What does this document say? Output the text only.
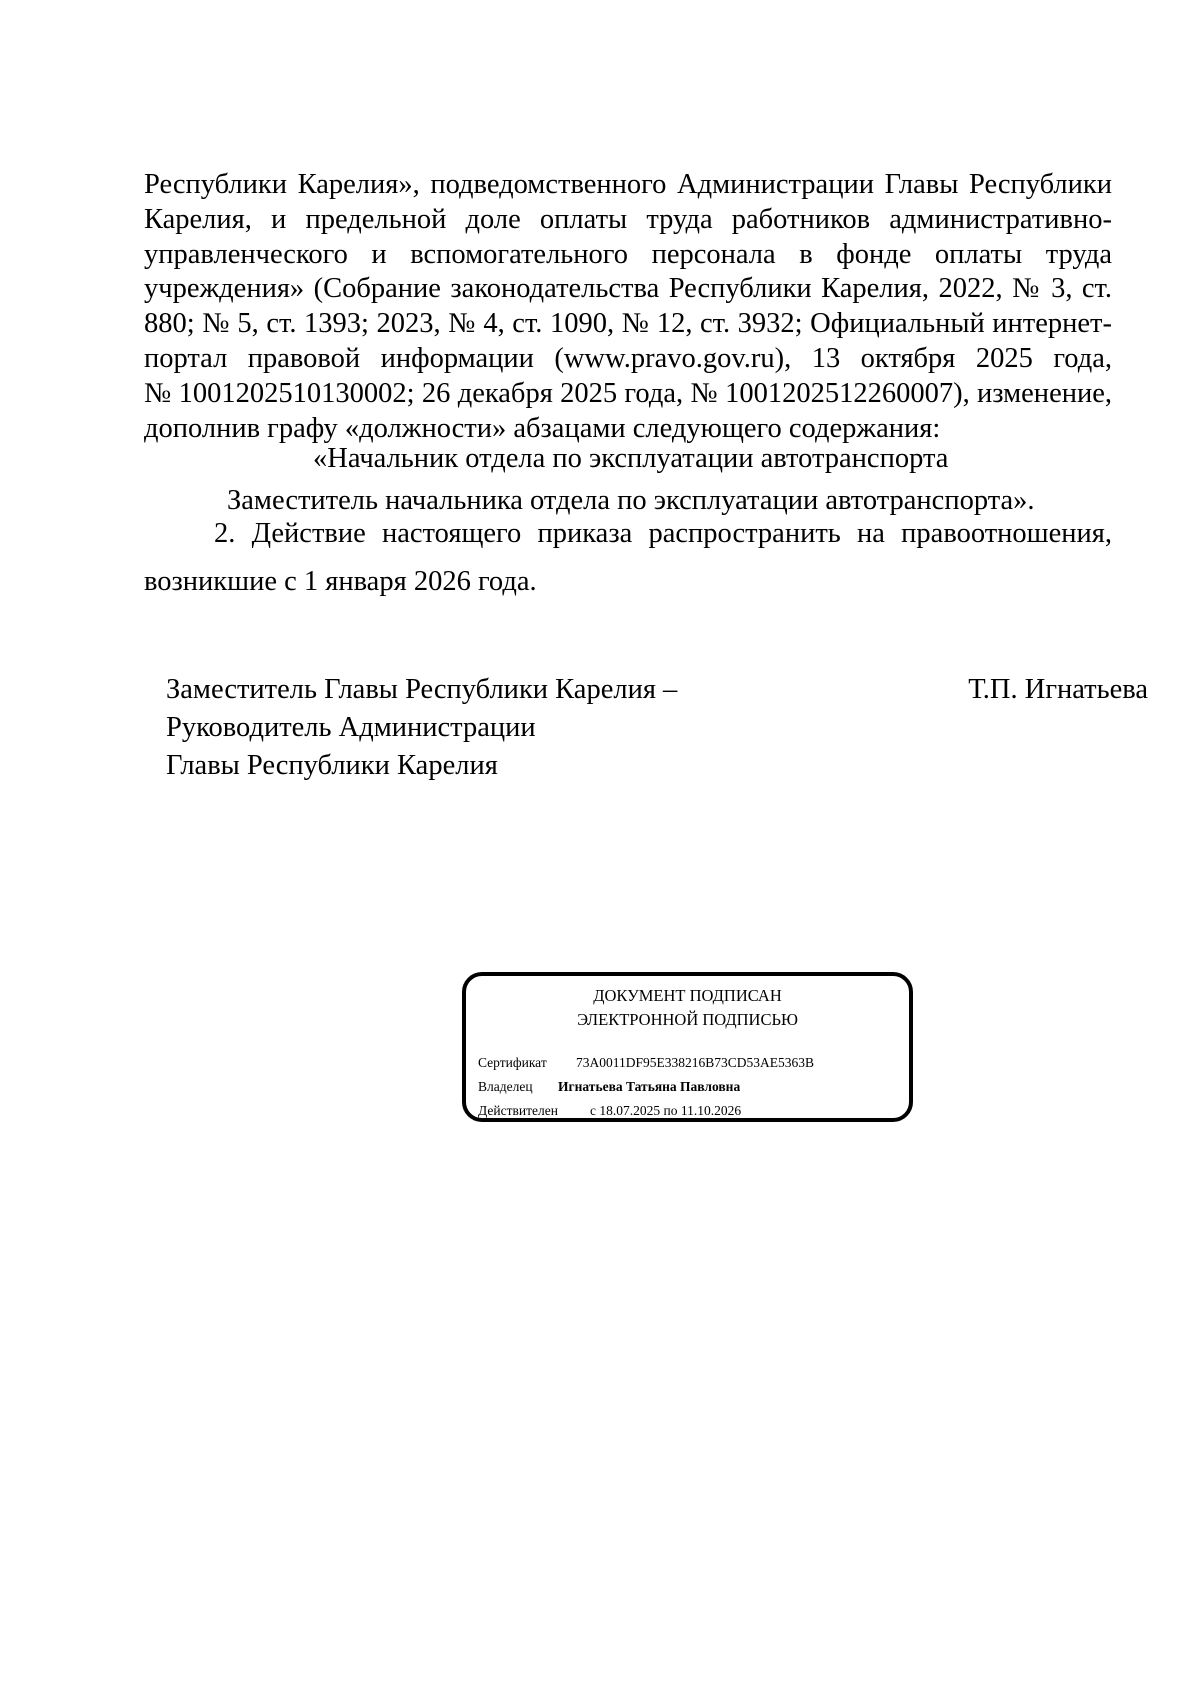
Республики Карелия», подведомственного Администрации Главы Республики
Карелия, и предельной доле оплаты труда работников административно-
управленческого и вспомогательного персонала в фонде оплаты труда
учреждения» (Собрание законодательства Республики Карелия, 2022, № 3, ст.
880; № 5, ст. 1393; 2023, № 4, ст. 1090, № 12, ст. 3932; Официальный интернет-
портал правовой информации (www.pravo.gov.ru), 13 октября 2025 года,
№ 1001202510130002; 26 декабря 2025 года, № 1001202512260007), изменение,
дополнив графу «должности» абзацами следующего содержания:
«Начальник отдела по эксплуатации автотранспорта
Заместитель начальника отдела по эксплуатации автотранспорта».
2. Действие настоящего приказа распространить на правоотношения,
возникшие с 1 января 2026 года.
Заместитель Главы Республики Карелия –
Руководитель Администрации
Главы Республики Карелия
Т.П. Игнатьева
ДОКУМЕНТ ПОДПИСАН
ЭЛЕКТРОННОЙ ПОДПИСЬЮ
Сертификат 73A0011DF95E338216B73CD53AE5363B
Владелец Игнатьева Татьяна Павловна
Действителен с 18.07.2025 по 11.10.2026
